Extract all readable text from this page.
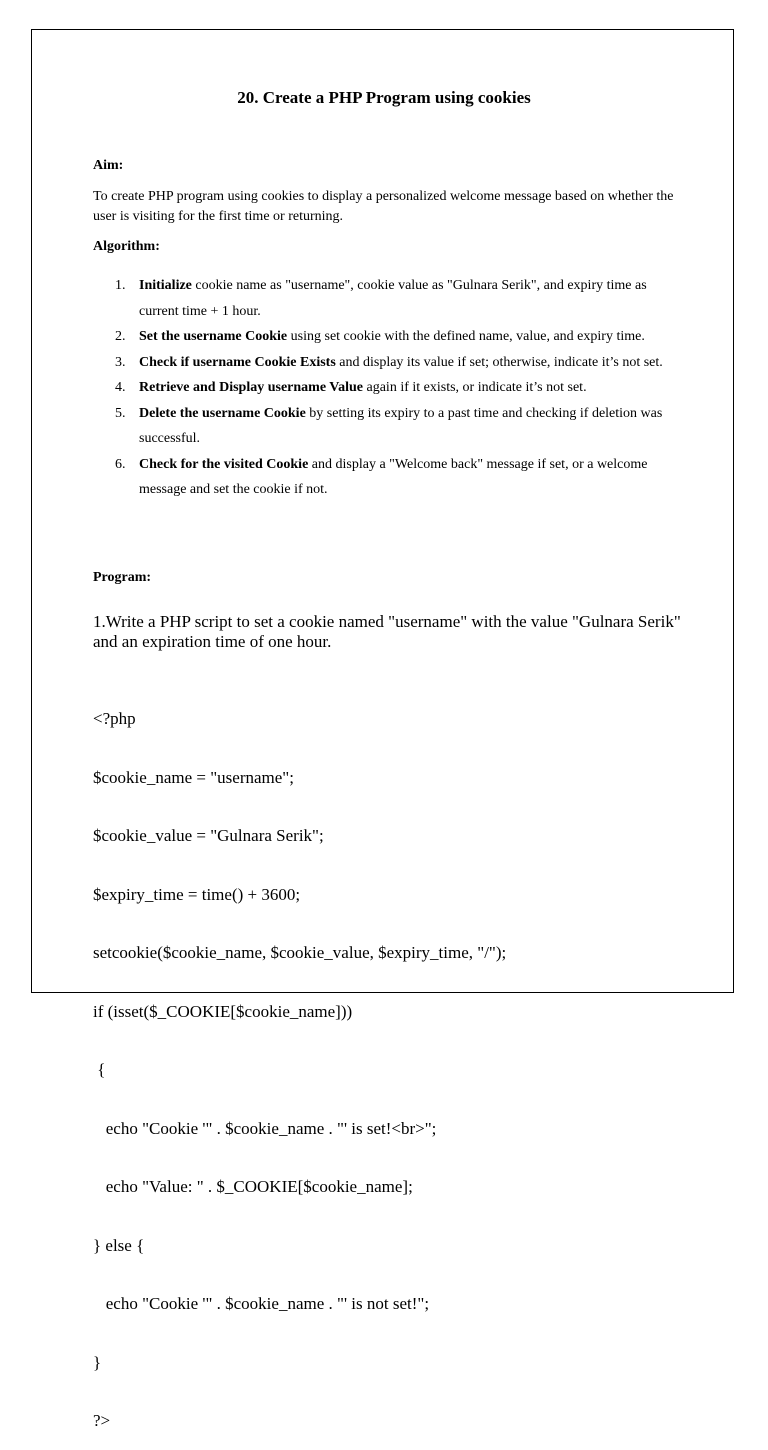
20. Create a PHP Program using cookies
Aim:

To create PHP program using cookies to display a personalized welcome message based on whether the user is visiting for the first time or returning.

Algorithm:
1. Initialize cookie name as "username", cookie value as "Gulnara Serik", and expiry time as current time + 1 hour.
2. Set the username Cookie using set cookie with the defined name, value, and expiry time.
3. Check if username Cookie Exists and display its value if set; otherwise, indicate it’s not set.
4. Retrieve and Display username Value again if it exists, or indicate it’s not set.
5. Delete the username Cookie by setting its expiry to a past time and checking if deletion was successful.
6. Check for the visited Cookie and display a "Welcome back" message if set, or a welcome message and set the cookie if not.
Program:

1.Write a PHP script to set a cookie named "username" with the value "Gulnara Serik" and an expiration time of one hour.

<?php

$cookie_name = "username";

$cookie_value = "Gulnara Serik";

$expiry_time = time() + 3600;

setcookie($cookie_name, $cookie_value, $expiry_time, "/");

if (isset($_COOKIE[$cookie_name]))

{

echo "Cookie '" . $cookie_name . "' is set!<br>";

echo "Value: " . $_COOKIE[$cookie_name];

} else {

echo "Cookie '" . $cookie_name . "' is not set!";

}

?>
